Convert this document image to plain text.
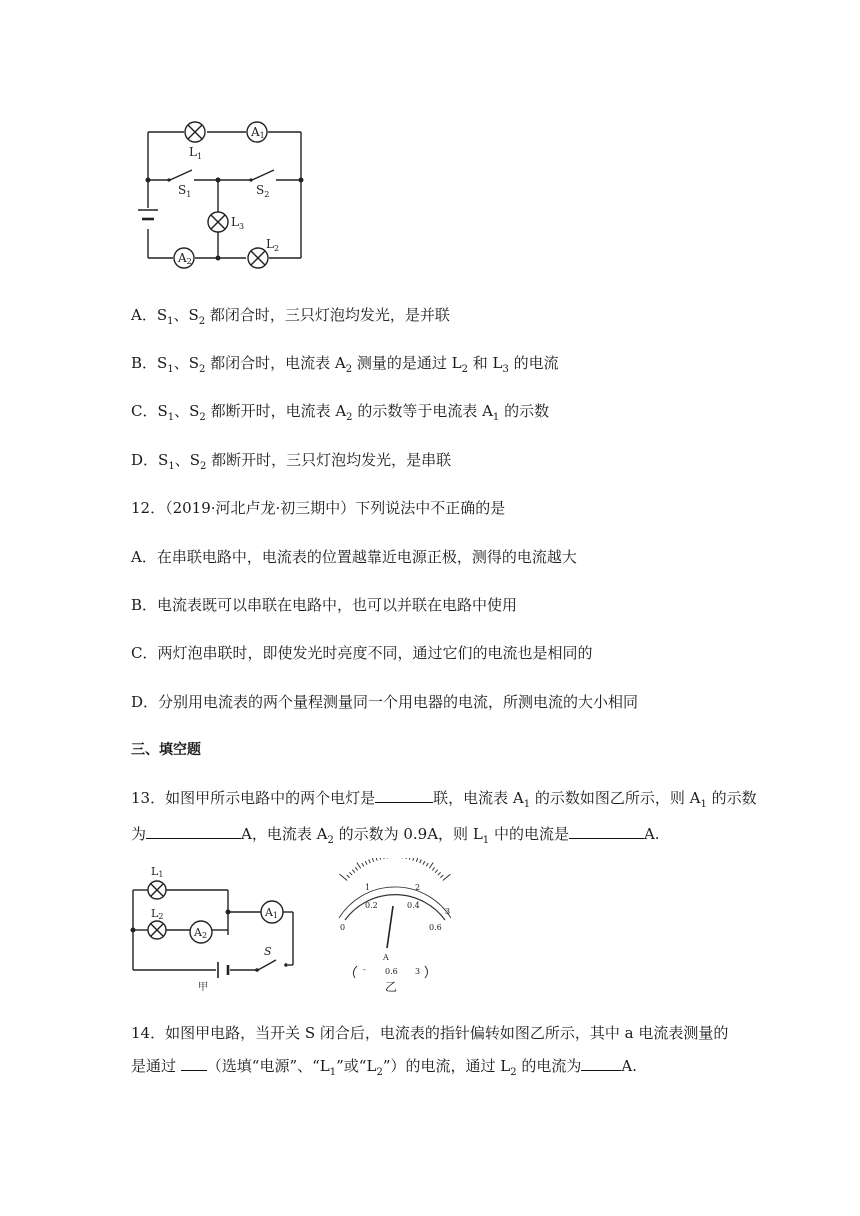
A1
A2
$L_1$
$S_1$	$S_2$
$L_3$
$L_2$
A．$S_1$、$S_2$ 都闭合时，三只灯泡均发光，是并联
B．$S_1$、$S_2$ 都闭合时，电流表 $A_2$ 测量的是通过 $L_2$ 和 $L_3$ 的电流
C．$S_1$、$S_2$ 都断开时，电流表 $A_2$ 的示数等于电流表 $A_1$ 的示数
D．$S_1$、$S_2$ 都断开时，三只灯泡均发光，是串联
12．（2019·河北卢龙·初三期中）下列说法中不正确的是
A．在串联电路中，电流表的位置越靠近电源正极，测得的电流越大
B．电流表既可以串联在电路中，也可以并联在电路中使用
C．两灯泡串联时，即使发光时亮度不同，通过它们的电流也是相同的
D．分别用电流表的两个量程测量同一个用电器的电流，所测电流的大小相同
三、填空题
13．如图甲所示电路中的两个电灯是	联，电流表 $A_1$ 的示数如图乙所示，则 $A_1$ 的示数
为	A，电流表 $A_2$ 的示数为 0.9A，则 $L_1$ 中的电流是	A.
L1
L2
A2
A1
S
甲
0
1
0.2
2
0.4
0.6
3
A
- 0.6 3
乙
14．如图甲电路，当开关 S 闭合后，电流表的指针偏转如图乙所示，其中 a 电流表测量的
是通过 （选填“电源”、“$L_1$”或“$L_2$”）的电流，通过 $L_2$ 的电流为	A.
